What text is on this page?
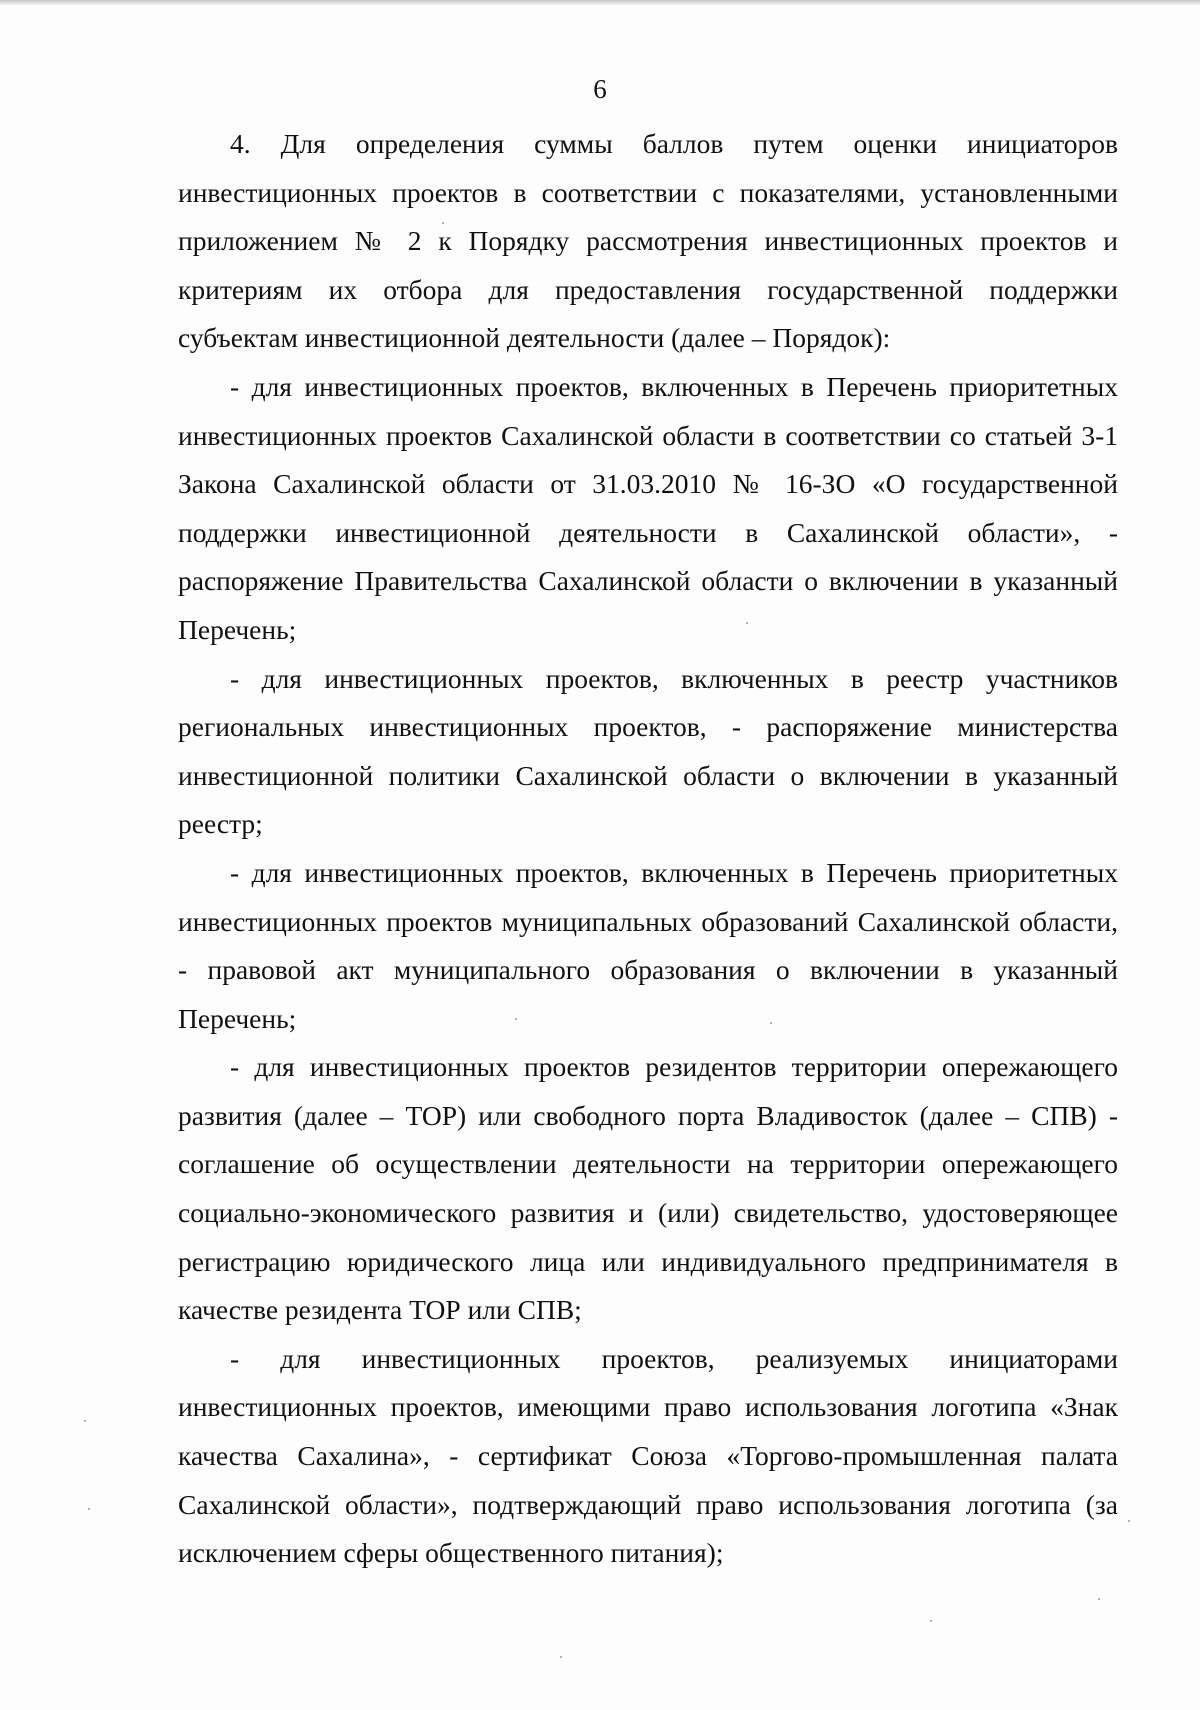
6

4. Для определения суммы баллов путем оценки инициаторов инвестиционных проектов в соответствии с показателями, установленными приложением № 2 к Порядку рассмотрения инвестиционных проектов и критериям их отбора для предоставления государственной поддержки субъектам инвестиционной деятельности (далее – Порядок):

- для инвестиционных проектов, включенных в Перечень приоритетных инвестиционных проектов Сахалинской области в соответствии со статьей 3-1 Закона Сахалинской области от 31.03.2010 № 16-ЗО «О государственной поддержки инвестиционной деятельности в Сахалинской области», - распоряжение Правительства Сахалинской области о включении в указанный Перечень;

- для инвестиционных проектов, включенных в реестр участников региональных инвестиционных проектов, - распоряжение министерства инвестиционной политики Сахалинской области о включении в указанный реестр;

- для инвестиционных проектов, включенных в Перечень приоритетных инвестиционных проектов муниципальных образований Сахалинской области, - правовой акт муниципального образования о включении в указанный Перечень;

- для инвестиционных проектов резидентов территории опережающего развития (далее – ТОР) или свободного порта Владивосток (далее – СПВ) - соглашение об осуществлении деятельности на территории опережающего социально-экономического развития и (или) свидетельство, удостоверяющее регистрацию юридического лица или индивидуального предпринимателя в качестве резидента ТОР или СПВ;

- для инвестиционных проектов, реализуемых инициаторами инвестиционных проектов, имеющими право использования логотипа «Знак качества Сахалина», - сертификат Союза «Торгово-промышленная палата Сахалинской области», подтверждающий право использования логотипа (за исключением сферы общественного питания);
